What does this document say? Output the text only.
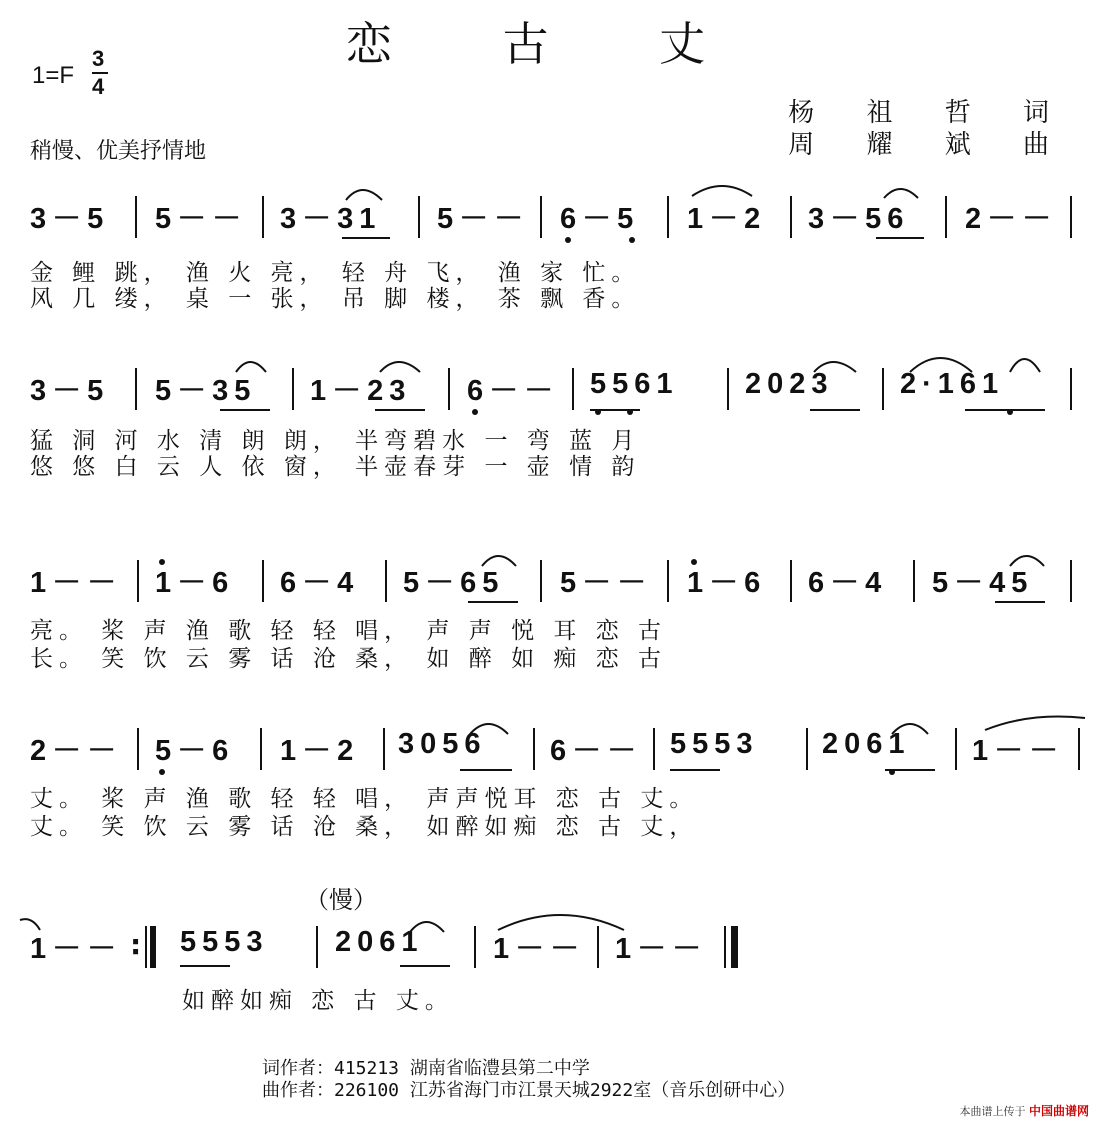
恋 古 丈
1=F
3
4
稍慢、优美抒情地
杨 祖 哲 词
周 耀 斌 曲
3－5 5－－ 3－31 5－－ 6－5 1－2 3－56 2－－
金 鲤 跳， 渔 火 亮， 轻 舟 飞， 渔 家 忙。
风 几 缕， 桌 一 张， 吊 脚 楼， 茶 飘 香。
3－5 5－35 1－23 6－－ 5561 2023 2·161
猛 洞 河 水 清 朗 朗， 半弯碧水 一 弯 蓝 月
悠 悠 白 云 人 依 窗， 半壶春芽 一 壶 情 韵
1－－ 1－6 6－4 5－65 5－－ 1－6 6－4 5－45
亮。 桨 声 渔 歌 轻 轻 唱， 声 声 悦 耳 恋 古
长。 笑 饮 云 雾 话 沧 桑， 如 醉 如 痴 恋 古
2－－ 5－6 1－2 3056 6－－ 5553 2061 1－－
丈。 桨 声 渔 歌 轻 轻 唱， 声声悦耳 恋 古 丈。
丈。 笑 饮 云 雾 话 沧 桑， 如醉如痴 恋 古 丈，
（慢）
1－－ : 5553 2061 1－－ 1－－
如醉如痴 恋 古 丈。
词作者：415213 湖南省临澧县第二中学
曲作者：226100 江苏省海门市江景天城2922室（音乐创研中心）
本曲谱上传于 中国曲谱网
